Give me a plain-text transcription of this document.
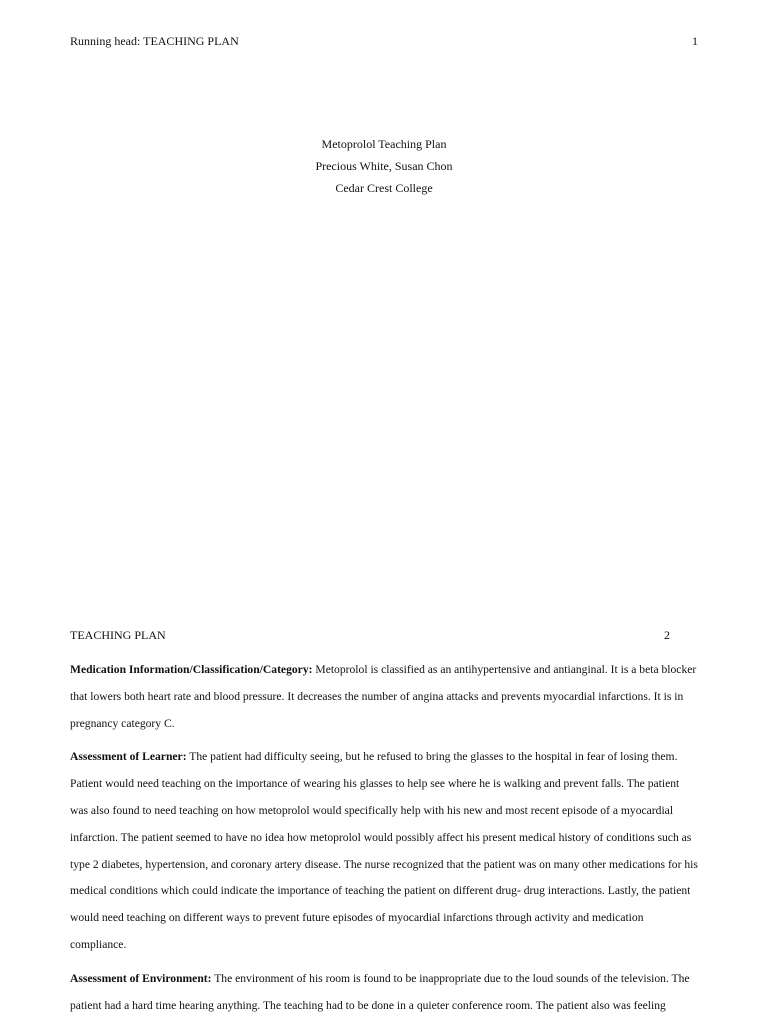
Running head: TEACHING PLAN	1
Metoprolol Teaching Plan
Precious White, Susan Chon
Cedar Crest College
TEACHING PLAN	2

Medication Information/Classification/Category: Metoprolol is classified as an antihypertensive and antianginal. It is a beta blocker that lowers both heart rate and blood pressure. It decreases the number of angina attacks and prevents myocardial infarctions. It is in pregnancy category C.

Assessment of Learner: The patient had difficulty seeing, but he refused to bring the glasses to the hospital in fear of losing them. Patient would need teaching on the importance of wearing his glasses to help see where he is walking and prevent falls. The patient was also found to need teaching on how metoprolol would specifically help with his new and most recent episode of a myocardial infarction. The patient seemed to have no idea how metoprolol would possibly affect his present medical history of conditions such as type 2 diabetes, hypertension, and coronary artery disease. The nurse recognized that the patient was on many other medications for his medical conditions which could indicate the importance of teaching the patient on different drug- drug interactions. Lastly, the patient would need teaching on different ways to prevent future episodes of myocardial infarctions through activity and medication compliance.

Assessment of Environment: The environment of his room is found to be inappropriate due to the loud sounds of the television. The patient had a hard time hearing anything. The teaching had to be done in a quieter conference room. The patient also was feeling
